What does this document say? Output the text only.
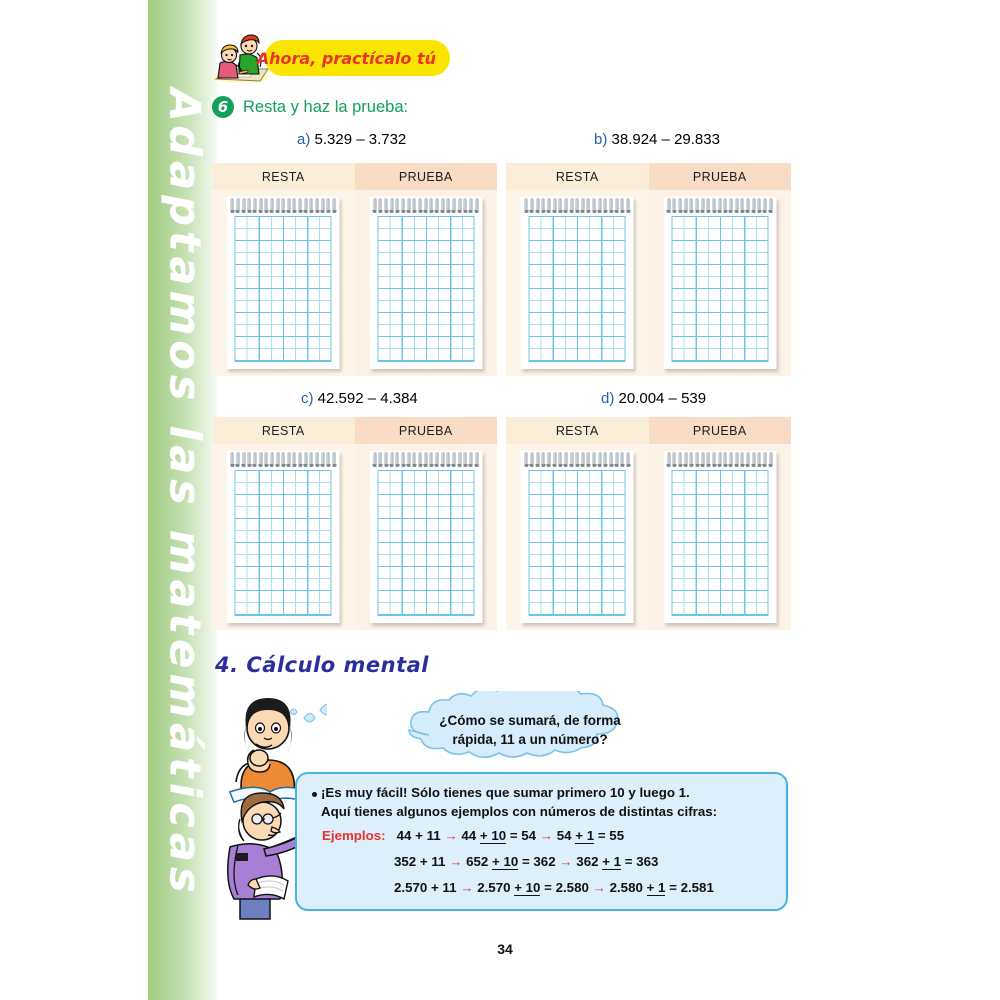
Adaptamos las matemáticas
Ahora, practícalo tú
6 Resta y haz la prueba:
a) 5.329 – 3.732	b) 38.924 – 29.833
RESTA	PRUEBA	RESTA	PRUEBA
c) 42.592 – 4.384	d) 20.004 – 539
RESTA	PRUEBA	RESTA	PRUEBA
4. Cálculo mental
¿Cómo se sumará, de forma
rápida, 11 a un número?
¡Es muy fácil! Sólo tienes que sumar primero 10 y luego 1.
Aquí tienes algunos ejemplos con números de distintas cifras:
Ejemplos: 44 + 11 → 44 + 10 = 54 → 54 + 1 = 55
352 + 11 → 652 + 10 = 362 → 362 + 1 = 363
2.570 + 11 → 2.570 + 10 = 2.580 → 2.580 + 1 = 2.581
34
